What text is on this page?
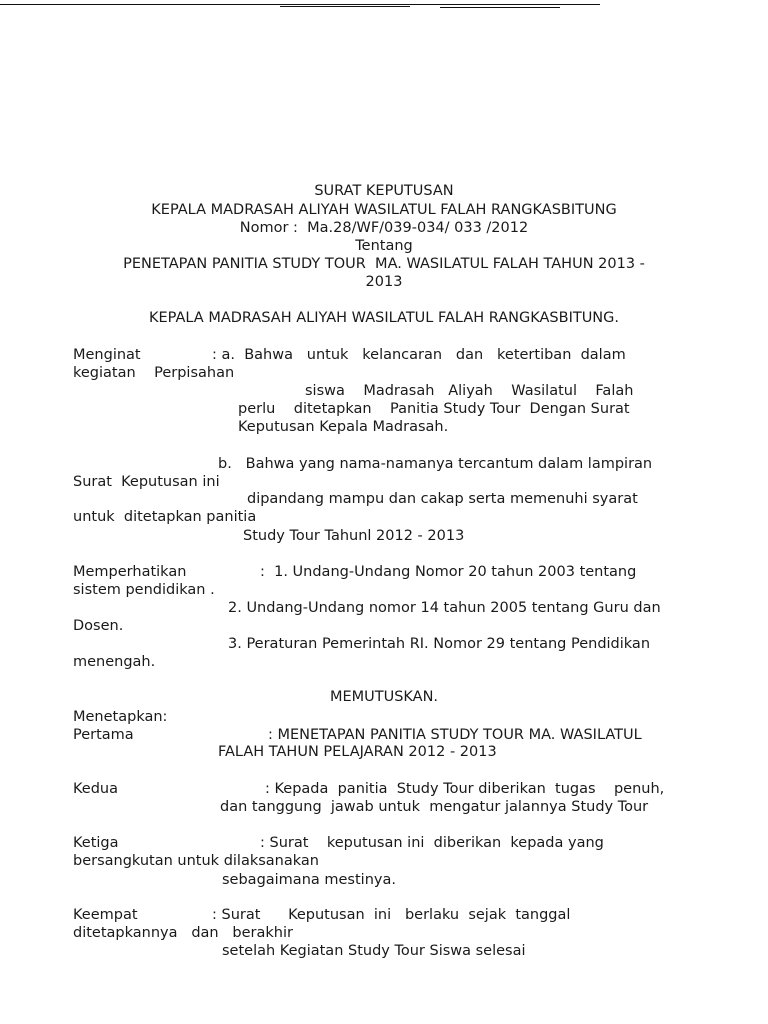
SURAT KEPUTUSAN
KEPALA MADRASAH ALIYAH WASILATUL FALAH RANGKASBITUNG
Nomor :  Ma.28/WF/039-034/ 033 /2012
Tentang
PENETAPAN PANITIA STUDY TOUR  MA. WASILATUL FALAH TAHUN 2013 -
2013
KEPALA MADRASAH ALIYAH WASILATUL FALAH RANGKASBITUNG.
Menginat	: a.  Bahwa   untuk   kelancaran   dan   ketertiban  dalam
kegiatan    Perpisahan
siswa    Madrasah   Aliyah    Wasilatul    Falah
perlu    ditetapkan    Panitia Study Tour  Dengan Surat
Keputusan Kepala Madrasah.
b.   Bahwa yang nama-namanya tercantum dalam lampiran
Surat  Keputusan ini
dipandang mampu dan cakap serta memenuhi syarat
untuk  ditetapkan panitia
Study Tour Tahunl 2012 - 2013
Memperhatikan	:  1. Undang-Undang Nomor 20 tahun 2003 tentang
sistem pendidikan .
2. Undang-Undang nomor 14 tahun 2005 tentang Guru dan
Dosen.
3. Peraturan Pemerintah RI. Nomor 29 tentang Pendidikan
menengah.
MEMUTUSKAN.
Menetapkan:
Pertama	: MENETAPAN PANITIA STUDY TOUR MA. WASILATUL
FALAH TAHUN PELAJARAN 2012 - 2013
Kedua	: Kepada  panitia  Study Tour diberikan  tugas    penuh,
dan tanggung  jawab untuk  mengatur jalannya Study Tour
Ketiga	: Surat    keputusan ini  diberikan  kepada yang
bersangkutan untuk dilaksanakan
sebagaimana mestinya.
Keempat	: Surat      Keputusan  ini   berlaku  sejak  tanggal
ditetapkannya   dan   berakhir
setelah Kegiatan Study Tour Siswa selesai
